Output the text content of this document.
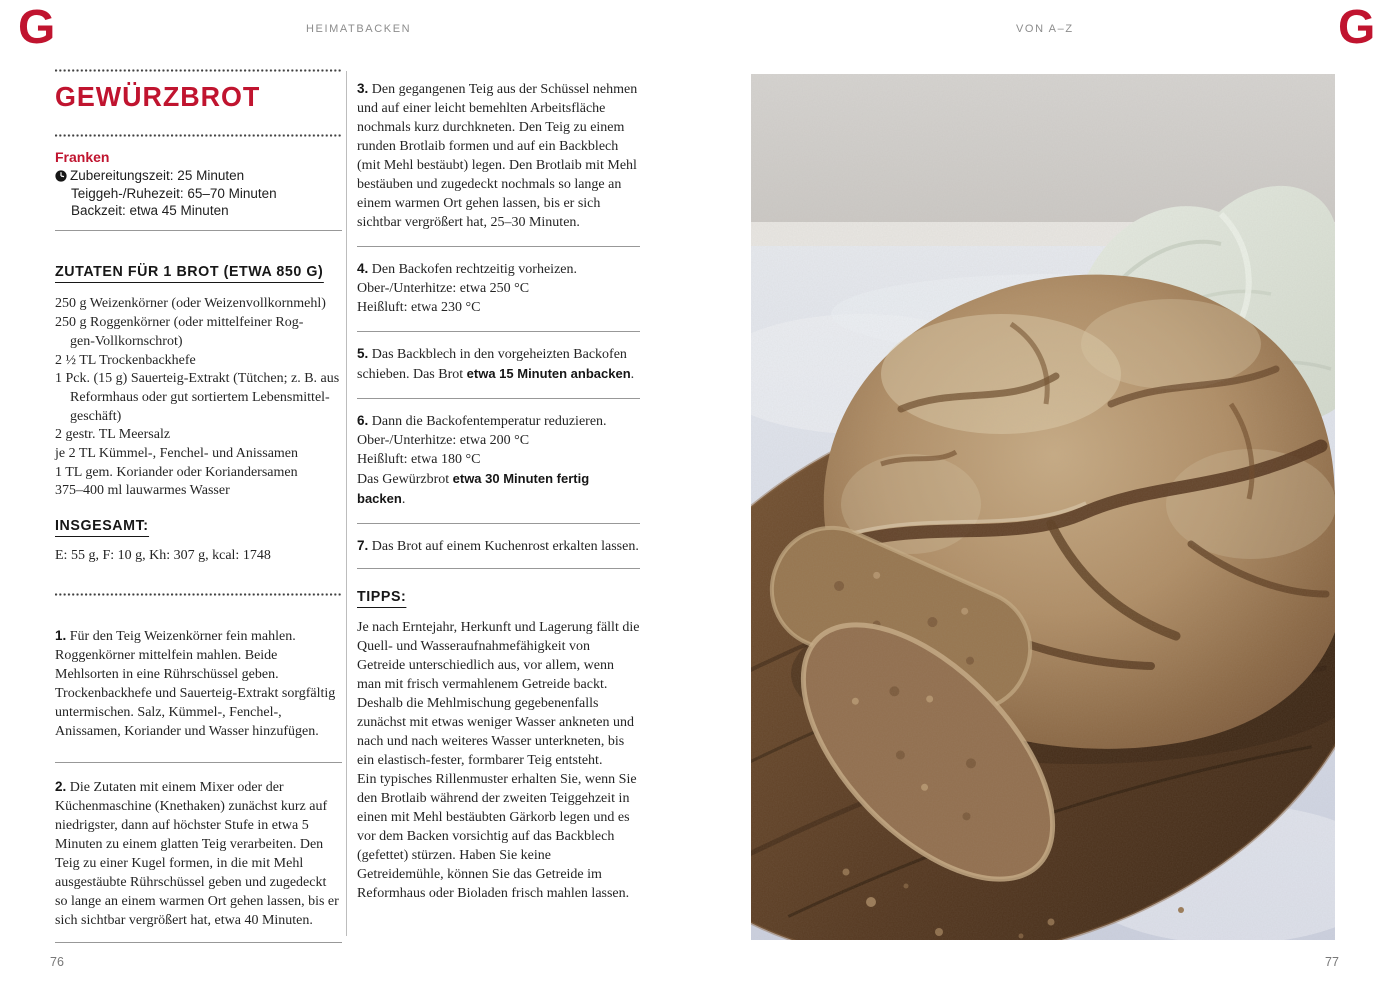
G	HEIMATBACKEN	VON A–Z	G
GEWÜRZBROT
Franken
Zubereitungszeit: 25 Minuten
Teiggeh-/Ruhezeit: 65–70 Minuten
Backzeit: etwa 45 Minuten
ZUTATEN FÜR 1 BROT (ETWA 850 G)
250 g Weizenkörner (oder Weizenvollkornmehl)
250 g Roggenkörner (oder mittelfeiner Rog-
gen-Vollkornschrot)
2 ½ TL Trockenbackhefe
1 Pck. (15 g) Sauerteig-Extrakt (Tütchen; z. B. aus
Reformhaus oder gut sortiertem Lebensmittel-
geschäft)
2 gestr. TL Meersalz
je 2 TL Kümmel-, Fenchel- und Anissamen
1 TL gem. Koriander oder Koriandersamen
375–400 ml lauwarmes Wasser
INSGESAMT:
E: 55 g, F: 10 g, Kh: 307 g, kcal: 1748

1. Für den Teig Weizenkörner fein mahlen. Roggenkörner mittelfein mahlen. Beide Mehlsorten in eine Rührschüssel geben. Trockenbackhefe und Sauerteig-Extrakt sorgfältig untermischen. Salz, Kümmel-, Fenchel-, Anissamen, Koriander und Wasser hinzufügen.

2. Die Zutaten mit einem Mixer oder der Küchenmaschine (Knethaken) zunächst kurz auf niedrigster, dann auf höchster Stufe in etwa 5 Minuten zu einem glatten Teig verarbeiten. Den Teig zu einer Kugel formen, in die mit Mehl ausgestäubte Rührschüssel geben und zugedeckt so lange an einem warmen Ort gehen lassen, bis er sich sichtbar vergrößert hat, etwa 40 Minuten.

3. Den gegangenen Teig aus der Schüssel nehmen und auf einer leicht bemehlten Arbeitsfläche nochmals kurz durchkneten. Den Teig zu einem runden Brotlaib formen und auf ein Backblech (mit Mehl bestäubt) legen. Den Brotlaib mit Mehl bestäuben und zugedeckt nochmals so lange an einem warmen Ort gehen lassen, bis er sich sichtbar vergrößert hat, 25–30 Minuten.

4. Den Backofen rechtzeitig vorheizen.
Ober-/Unterhitze: etwa 250 °C
Heißluft: etwa 230 °C

5. Das Backblech in den vorgeheizten Backofen schieben. Das Brot etwa 15 Minuten anbacken.

6. Dann die Backofentemperatur reduzieren.
Ober-/Unterhitze: etwa 200 °C
Heißluft: etwa 180 °C
Das Gewürzbrot etwa 30 Minuten fertig backen.

7. Das Brot auf einem Kuchenrost erkalten lassen.

TIPPS:

Je nach Erntejahr, Herkunft und Lagerung fällt die Quell- und Wasseraufnahmefähigkeit von Getreide unterschiedlich aus, vor allem, wenn man mit frisch vermahlenem Getreide backt. Deshalb die Mehlmischung gegebenenfalls zunächst mit etwas weniger Wasser ankneten und nach und nach weiteres Wasser unterkneten, bis ein elastisch-fester, formbarer Teig entsteht.

Ein typisches Rillenmuster erhalten Sie, wenn Sie den Brotlaib während der zweiten Teiggehzeit in einen mit Mehl bestäubten Gärkorb legen und es vor dem Backen vorsichtig auf das Backblech (gefettet) stürzen. Haben Sie keine Getreidemühle, können Sie das Getreide im Reformhaus oder Bioladen frisch mahlen lassen.

76	77
